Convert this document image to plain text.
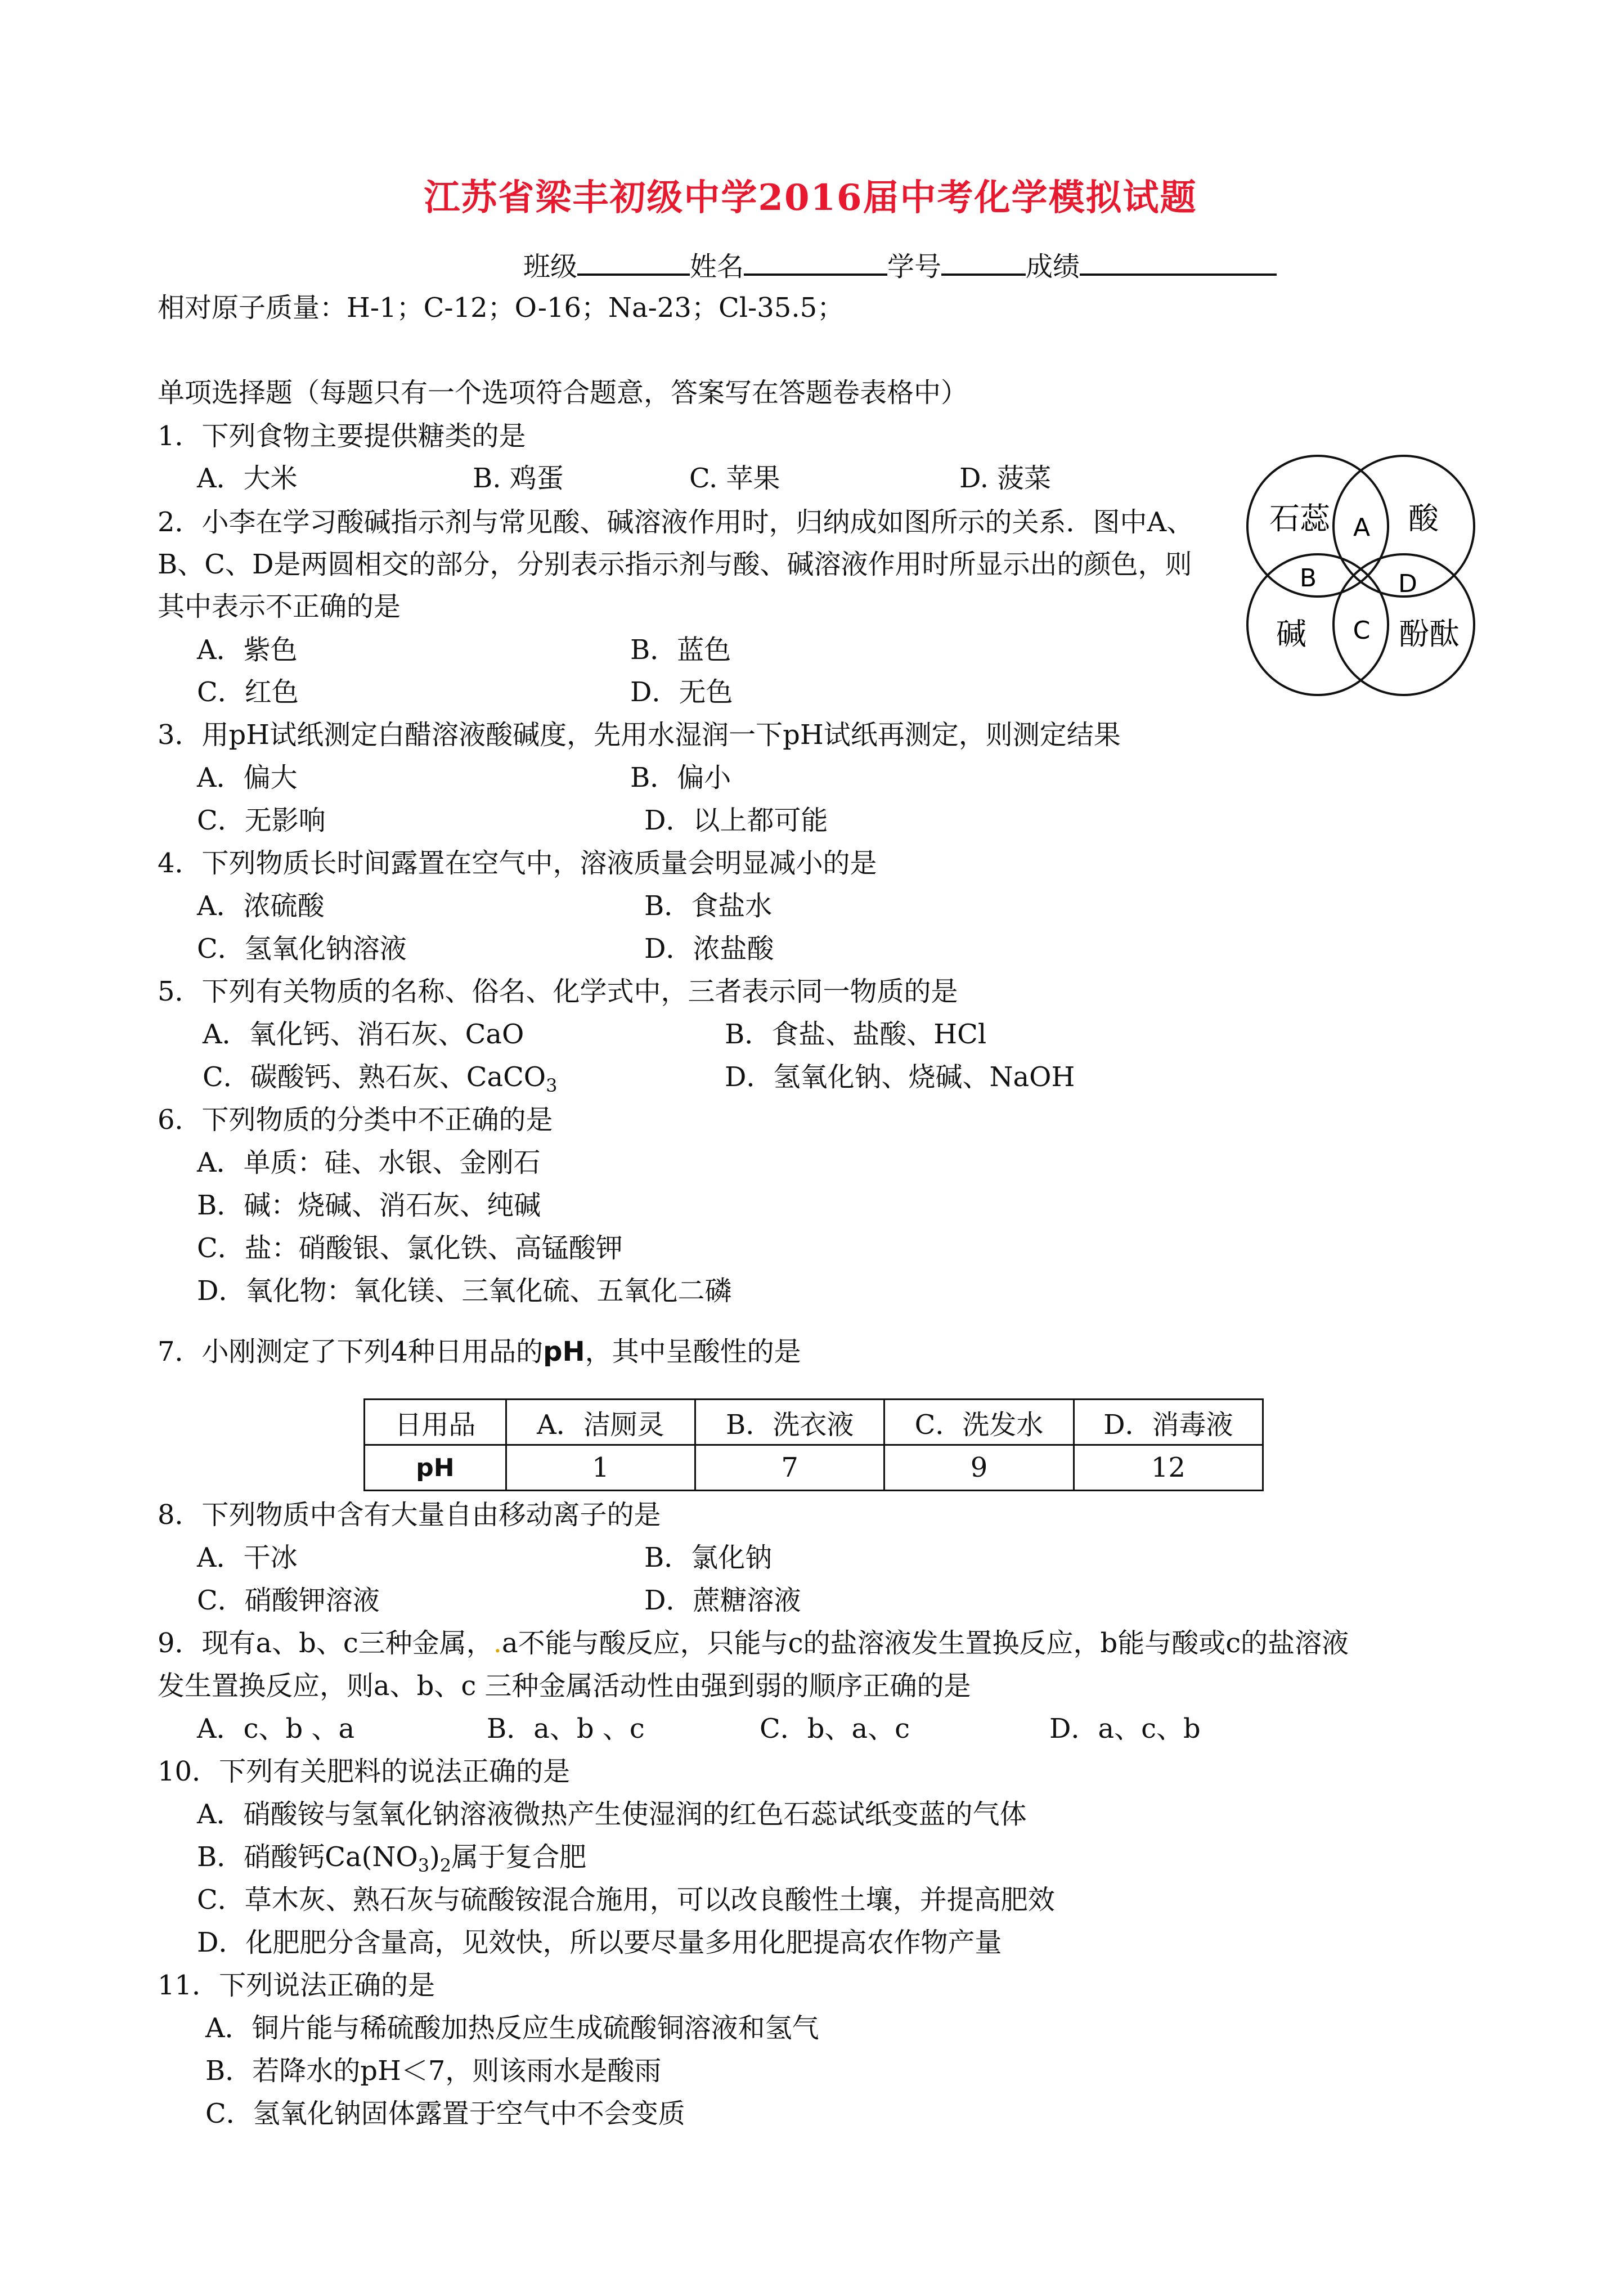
江苏省梁丰初级中学2016届中考化学模拟试题
班级	姓名	学号	成绩
相对原子质量：H-1；C-12；O-16；Na-23；Cl-35.5；
单项选择题（每题只有一个选项符合题意，答案写在答题卷表格中）
1．下列食物主要提供糖类的是
A．大米	B. 鸡蛋	C. 苹果	D. 菠菜
石蕊	酸
碱	酚酞
A
B
C
D
2．小李在学习酸碱指示剂与常见酸、碱溶液作用时，归纳成如图所示的关系．图中A、
B、C、D是两圆相交的部分，分别表示指示剂与酸、碱溶液作用时所显示出的颜色，则
其中表示不正确的是
A．紫色	B．蓝色
C．红色	D．无色
3．用pH试纸测定白醋溶液酸碱度，先用水湿润一下pH试纸再测定，则测定结果
A．偏大	B．偏小
C．无影响	D．以上都可能
4．下列物质长时间露置在空气中，溶液质量会明显减小的是
A．浓硫酸	B．食盐水
C．氢氧化钠溶液	D．浓盐酸
5．下列有关物质的名称、俗名、化学式中，三者表示同一物质的是
A．氧化钙、消石灰、CaO	B．食盐、盐酸、HCl
C．碳酸钙、熟石灰、CaCO$_3$	D．氢氧化钠、烧碱、NaOH
6．下列物质的分类中不正确的是
A．单质：硅、水银、金刚石
B．碱：烧碱、消石灰、纯碱
C．盐：硝酸银、氯化铁、高锰酸钾
D．氧化物：氧化镁、三氧化硫、五氧化二磷
7．小刚测定了下列4种日用品的pH，其中呈酸性的是
日用品	A．洁厕灵	B．洗衣液	C．洗发水	D．消毒液
pH	1	7	9	12
8．下列物质中含有大量自由移动离子的是
A．干冰	B．氯化钠
C．硝酸钾溶液	D．蔗糖溶液
9．现有a、b、c三种金属，.a不能与酸反应，只能与c的盐溶液发生置换反应，b能与酸或c的盐溶液
发生置换反应，则a、b、c 三种金属活动性由强到弱的顺序正确的是
A．c、b 、a	B．a、b 、c	C．b、a、c	D．a、c、b
10．下列有关肥料的说法正确的是
A．硝酸铵与氢氧化钠溶液微热产生使湿润的红色石蕊试纸变蓝的气体
B．硝酸钙$Ca(NO_3)_2$属于复合肥
C．草木灰、熟石灰与硫酸铵混合施用，可以改良酸性土壤，并提高肥效
D．化肥肥分含量高，见效快，所以要尽量多用化肥提高农作物产量
11．下列说法正确的是
A．铜片能与稀硫酸加热反应生成硫酸铜溶液和氢气
B．若降水的pH＜7，则该雨水是酸雨
C．氢氧化钠固体露置于空气中不会变质
